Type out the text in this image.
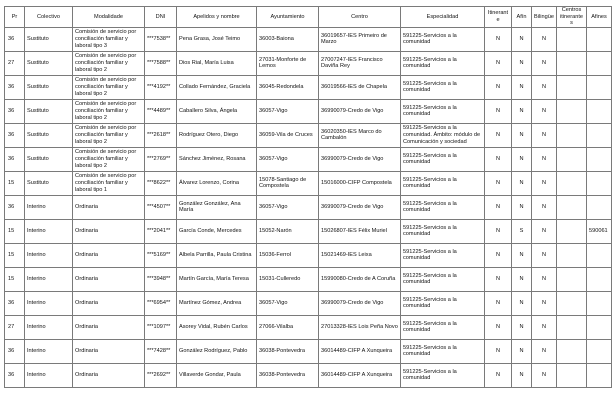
Pr	Colectivo	Modalidade	DNI	Apelidos y nombre	Ayuntamiento	Centro	Especialidad	Itinerante	Afín	Bilingüe	Centros itinerantes	Afines
36	Sustituto	Comisión de servicio por conciliación familiar y laboral tipo 3	***7538**	Pena Grasa, José Teimo	36003-Baiona	36019657-IES Primeiro de Marzo	591225-Servicios a la comunidad	N	N	N		
27	Sustituto	Comisión de servicio por conciliación familiar y laboral tipo 2	***7588**	Dios Rial, María Luisa	27031-Monforte de Lemos	27007247-IES Francisco Daviña Rey	591225-Servicios a la comunidad	N	N	N		
36	Sustituto	Comisión de servicio por conciliación familiar y laboral tipo 2	***4192**	Collado Fernández, Graciela	36045-Redondela	36019566-IES de Chapela	591225-Servicios a la comunidad	N	N	N		
36	Sustituto	Comisión de servicio por conciliación familiar y laboral tipo 2	***4489**	Caballero Silva, Ángela	36057-Vigo	36990079-Credo de Vigo	591225-Servicios a la comunidad	N	N	N		
36	Sustituto	Comisión de servicio por conciliación familiar y laboral tipo 2	***2618**	Rodríguez Otero, Diego	36059-Vila de Cruces	36020350-IES Marco do Cambalón	591225-Servicios a la comunidad. Ámbito: módulo de Comunicación y sociedad	N	N	N		
36	Sustituto	Comisión de servicio por conciliación familiar y laboral tipo 2	***2769**	Sánchez Jiménez, Rosana	36057-Vigo	36990079-Credo de Vigo	591225-Servicios a la comunidad	N	N	N		
15	Sustituto	Comisión de servicio por conciliación familiar y laboral tipo 1	***8622**	Álvarez Lorenzo, Corina	15078-Santiago de Compostela	15016000-CIFP Compostela	591225-Servicios a la comunidad	N	N	N		
36	Interino	Ordinaria	***4507**	González González, Ana María	36057-Vigo	36990079-Credo de Vigo	591225-Servicios a la comunidad	N	N	N		
15	Interino	Ordinaria	***2041**	García Conde, Mercedes	15052-Narón	15026807-IES Félix Muriel	591225-Servicios a la comunidad	N	S	N		590061
15	Interino	Ordinaria	***5169**	Albela Parrilla, Paula Cristina	15036-Ferrol	15021469-IES Leixa	591225-Servicios a la comunidad	N	N	N		
15	Interino	Ordinaria	***3948**	Martín García, María Teresa	15031-Culleredo	15990080-Credo de A Coruña	591225-Servicios a la comunidad	N	N	N		
36	Interino	Ordinaria	***6954**	Martínez Gómez, Andrea	36057-Vigo	36990079-Credo de Vigo	591225-Servicios a la comunidad	N	N	N		
27	Interino	Ordinaria	***1097**	Asorey Vidal, Rubén Carlos	27066-Vilalba	27013328-IES Lois Peña Novo	591225-Servicios a la comunidad	N	N	N		
36	Interino	Ordinaria	***7428**	González Rodríguez, Pablo	36038-Pontevedra	36014489-CIFP A Xunqueira	591225-Servicios a la comunidad	N	N	N		
36	Interino	Ordinaria	***2692**	Villaverde Gondar, Paula	36038-Pontevedra	36014489-CIFP A Xunqueira	591225-Servicios a la comunidad	N	N	N		
